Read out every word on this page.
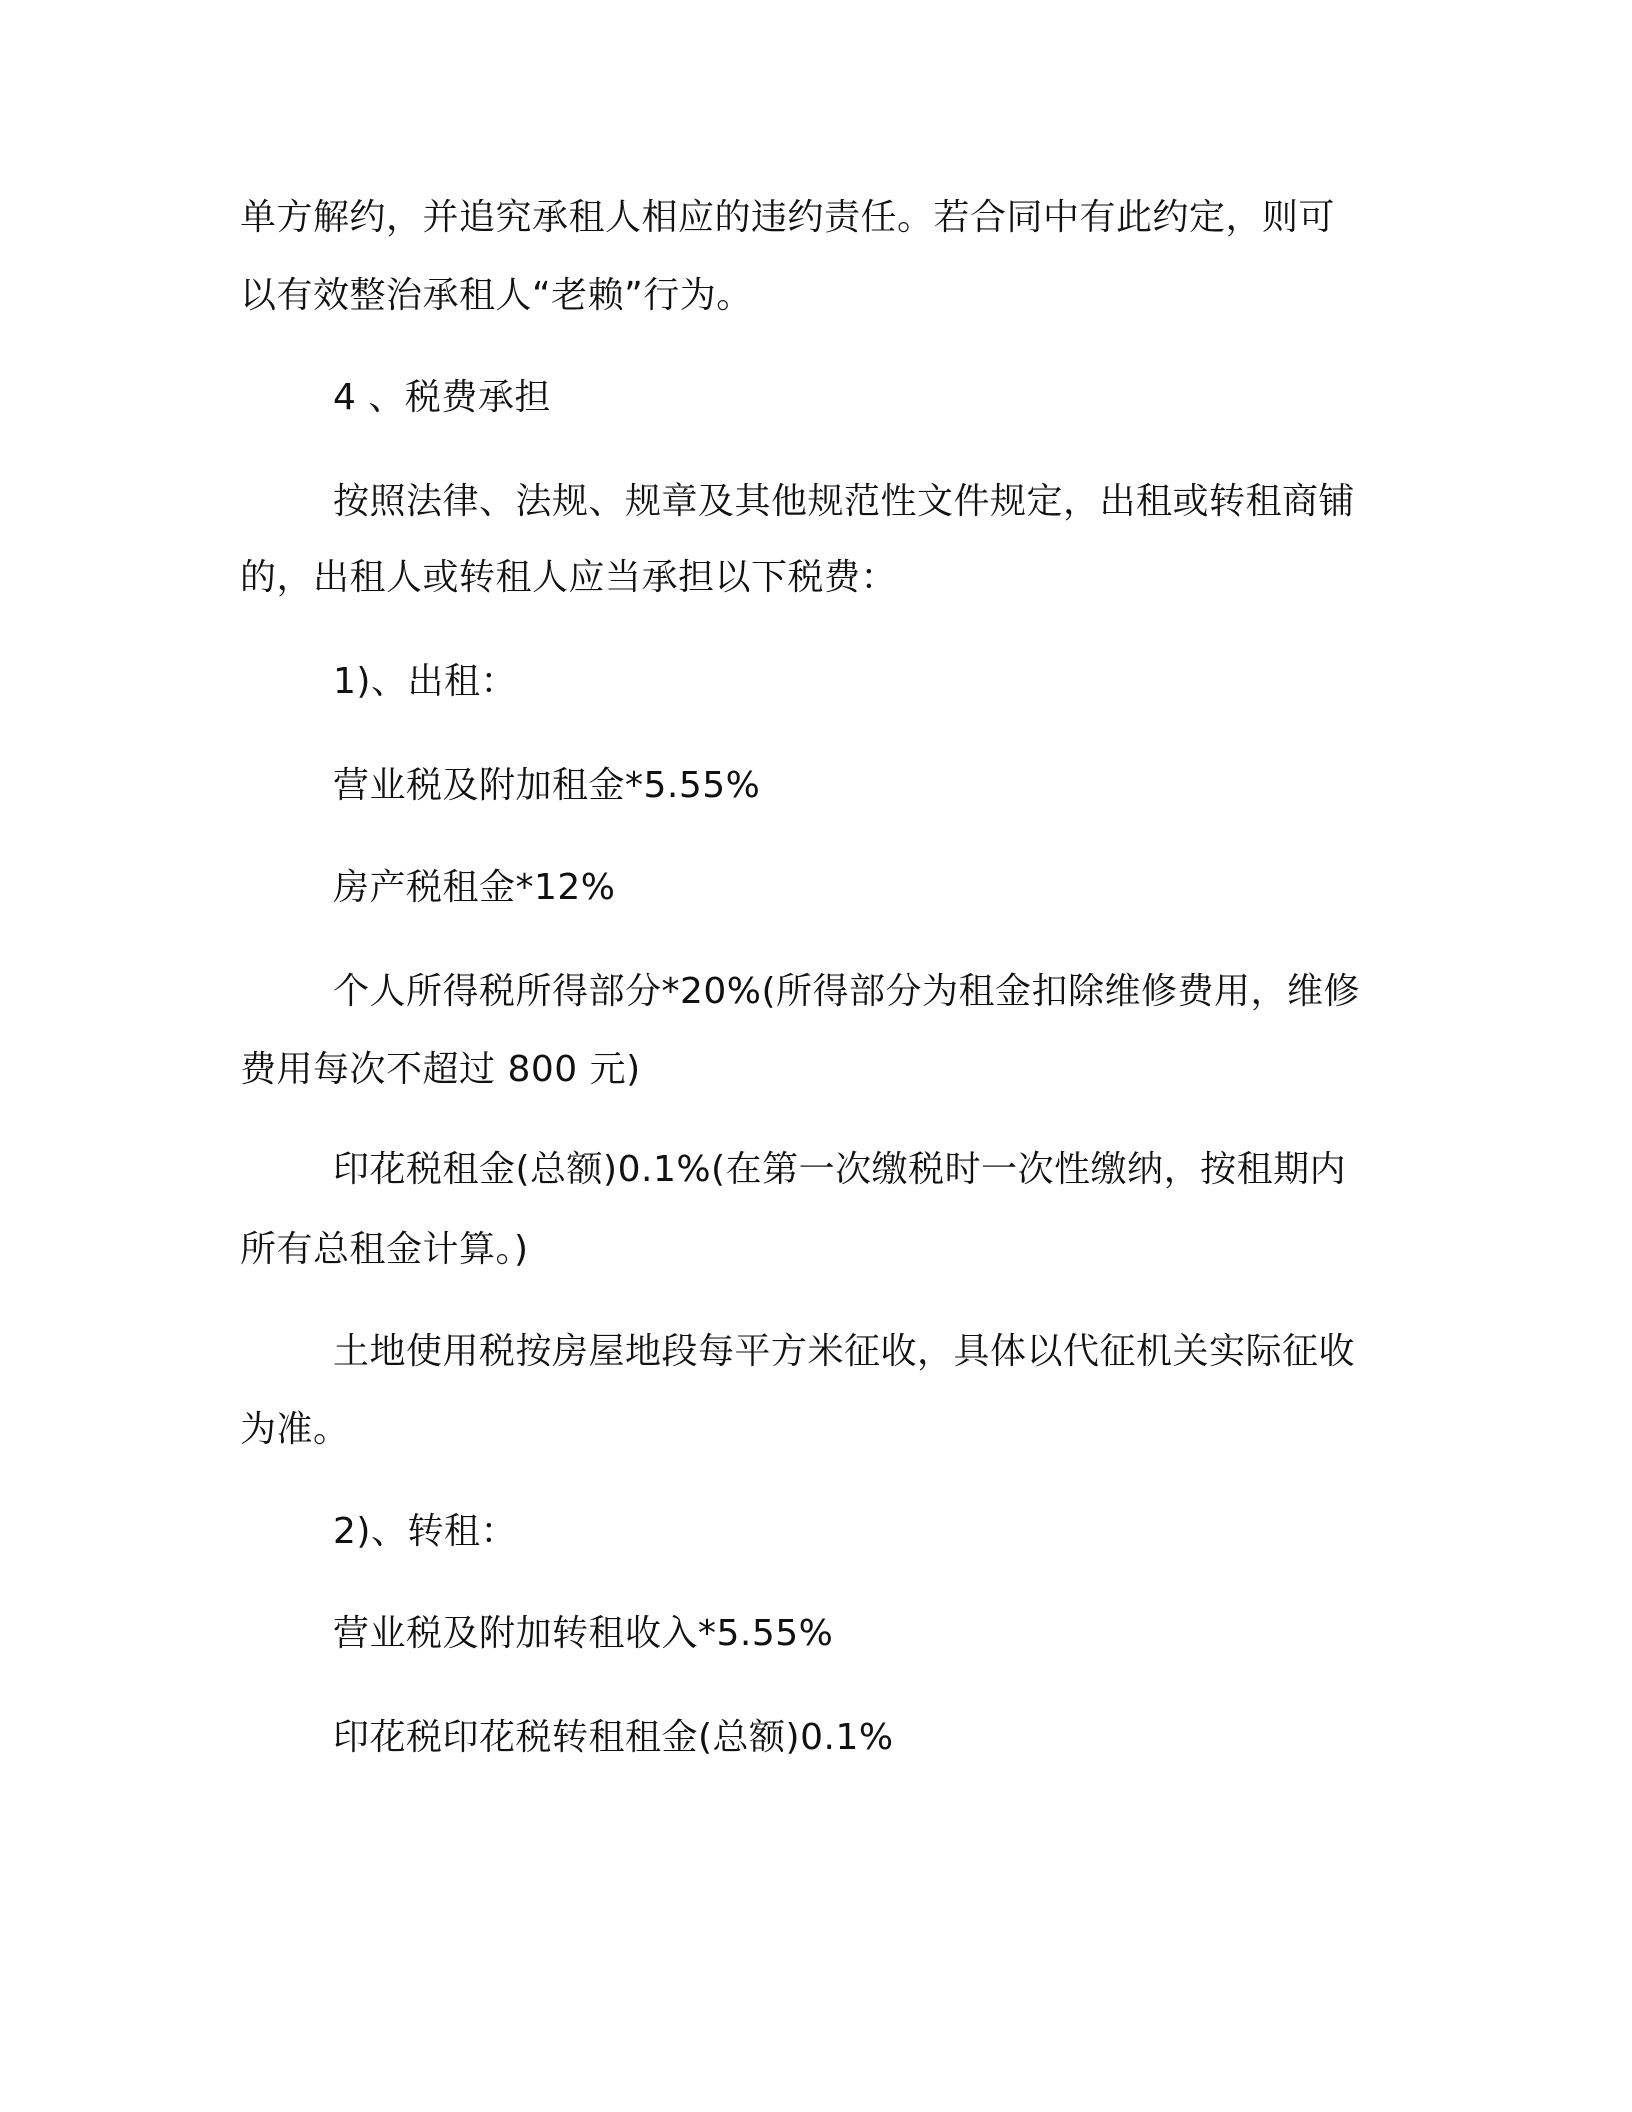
单方解约，并追究承租人相应的违约责任。若合同中有此约定，则可
以有效整治承租人“老赖”行为。
4 、税费承担
按照法律、法规、规章及其他规范性文件规定，出租或转租商铺
的，出租人或转租人应当承担以下税费：
1)、出租：
营业税及附加租金*5.55%
房产税租金*12%
个人所得税所得部分*20%(所得部分为租金扣除维修费用，维修
费用每次不超过 800 元)
印花税租金(总额)0.1%(在第一次缴税时一次性缴纳，按租期内
所有总租金计算。)
土地使用税按房屋地段每平方米征收，具体以代征机关实际征收
为准。
2)、转租：
营业税及附加转租收入*5.55%
印花税印花税转租租金(总额)0.1%
